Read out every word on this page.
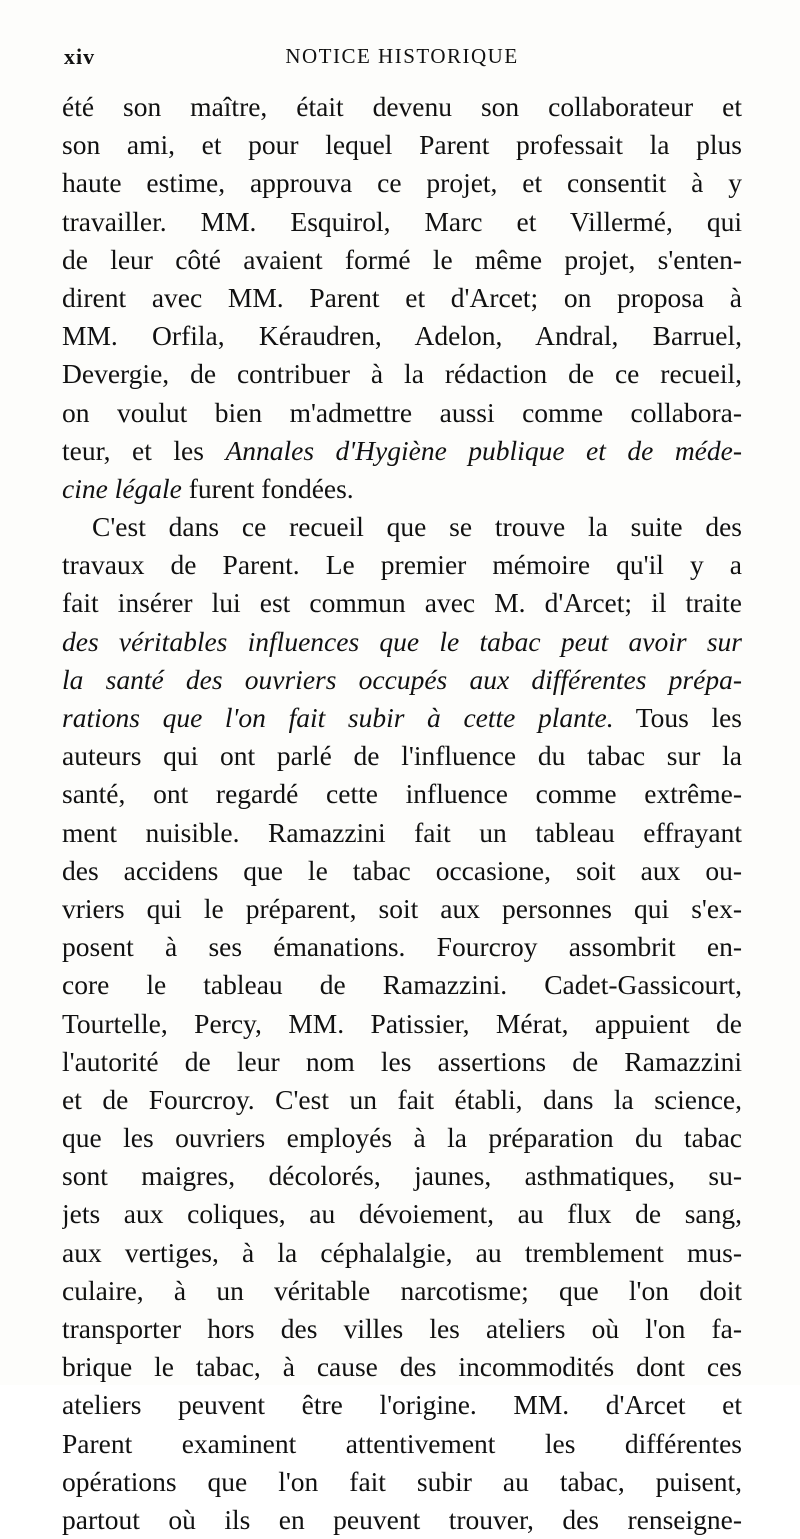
xiv	NOTICE HISTORIQUE
été son maître, était devenu son collaborateur et
son ami, et pour lequel Parent professait la plus
haute estime, approuva ce projet, et consentit à y
travailler. MM. Esquirol, Marc et Villermé, qui
de leur côté avaient formé le même projet, s'enten-
dirent avec MM. Parent et d'Arcet; on proposa à
MM. Orfila, Kéraudren, Adelon, Andral, Barruel,
Devergie, de contribuer à la rédaction de ce recueil,
on voulut bien m'admettre aussi comme collabora-
teur, et les Annales d'Hygiène publique et de méde-
cine légale furent fondées.
C'est dans ce recueil que se trouve la suite des
travaux de Parent. Le premier mémoire qu'il y a
fait insérer lui est commun avec M. d'Arcet; il traite
des véritables influences que le tabac peut avoir sur
la santé des ouvriers occupés aux différentes prépa-
rations que l'on fait subir à cette plante. Tous les
auteurs qui ont parlé de l'influence du tabac sur la
santé, ont regardé cette influence comme extrême-
ment nuisible. Ramazzini fait un tableau effrayant
des accidens que le tabac occasione, soit aux ou-
vriers qui le préparent, soit aux personnes qui s'ex-
posent à ses émanations. Fourcroy assombrit en-
core le tableau de Ramazzini. Cadet-Gassicourt,
Tourtelle, Percy, MM. Patissier, Mérat, appuient de
l'autorité de leur nom les assertions de Ramazzini
et de Fourcroy. C'est un fait établi, dans la science,
que les ouvriers employés à la préparation du tabac
sont maigres, décolorés, jaunes, asthmatiques, su-
jets aux coliques, au dévoiement, au flux de sang,
aux vertiges, à la céphalalgie, au tremblement mus-
culaire, à un véritable narcotisme; que l'on doit
transporter hors des villes les ateliers où l'on fa-
brique le tabac, à cause des incommodités dont ces
ateliers peuvent être l'origine. MM. d'Arcet et
Parent examinent attentivement les différentes
opérations que l'on fait subir au tabac, puisent,
partout où ils en peuvent trouver, des renseigne-
